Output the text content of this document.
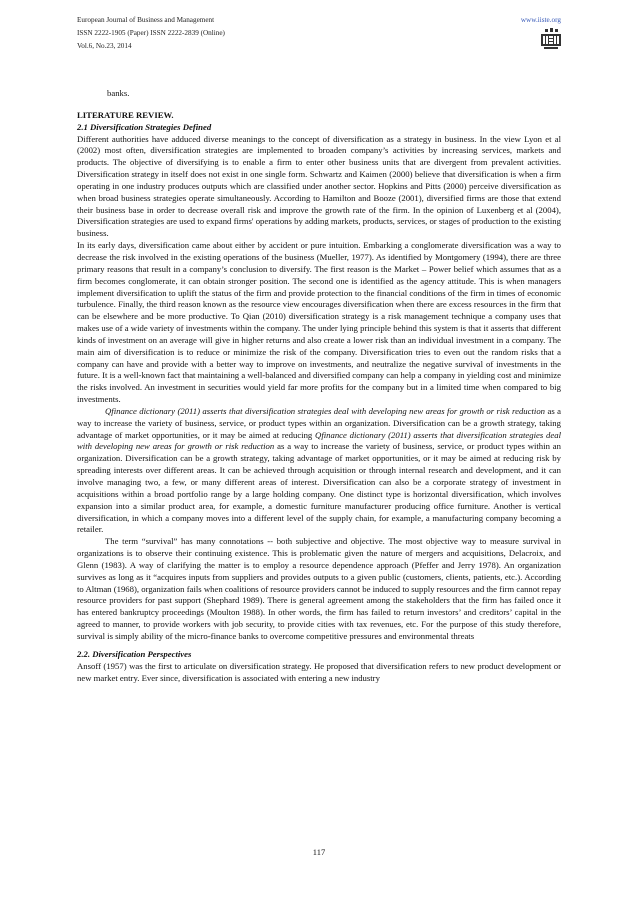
European Journal of Business and Management
ISSN 2222-1905 (Paper) ISSN 2222-2839 (Online)
Vol.6, No.23, 2014
www.iiste.org

banks.

LITERATURE REVIEW.

2.1 Diversification Strategies Defined

Different authorities have adduced diverse meanings to the concept of diversification as a strategy in business. In the view Lyon et al (2002) most often, diversification strategies are implemented to broaden company’s activities by increasing services, markets and products. The objective of diversifying is to enable a firm to enter other business units that are divergent from prevalent activities. Diversification strategy in itself does not exist in one single form. Schwartz and Kaimen (2000) believe that diversification is when a firm operating in one industry produces outputs which are classified under another sector. Hopkins and Pitts (2000) perceive diversification as when broad business strategies operate simultaneously. According to Hamilton and Booze (2001), diversified firms are those that extend their business base in order to decrease overall risk and improve the growth rate of the firm. In the opinion of Luxenberg et al (2004), Diversification strategies are used to expand firms' operations by adding markets, products, services, or stages of production to the existing business.

In its early days, diversification came about either by accident or pure intuition. Embarking a conglomerate diversification was a way to decrease the risk involved in the existing operations of the business (Mueller, 1977). As identified by Montgomery (1994), there are three primary reasons that result in a company’s conclusion to diversify. The first reason is the Market – Power belief which assumes that as a firm becomes conglomerate, it can obtain stronger position. The second one is identified as the agency attitude. This is when managers implement diversification to uplift the status of the firm and provide protection to the financial conditions of the firm in times of economic turbulence. Finally, the third reason known as the resource view encourages diversification when there are excess resources in the firm that can be elsewhere and be more productive. To Qian (2010) diversification strategy is a risk management technique a company uses that makes use of a wide variety of investments within the company. The under lying principle behind this system is that it asserts that different kinds of investment on an average will give in higher returns and also create a lower risk than an individual investment in a company. The main aim of diversification is to reduce or minimize the risk of the company. Diversification tries to even out the random risks that a company can have and provide with a better way to improve on investments, and neutralize the negative survival of investments in the future. It is a well-known fact that maintaining a well-balanced and diversified company can help a company in yielding cost and minimize the risks involved. An investment in securities would yield far more profits for the company but in a limited time when compared to big investments.

Qfinance dictionary (2011) asserts that diversification strategies deal with developing new areas for growth or risk reduction as a way to increase the variety of business, service, or product types within an organization. Diversification can be a growth strategy, taking advantage of market opportunities, or it may be aimed at reducing Qfinance dictionary (2011) asserts that diversification strategies deal with developing new areas for growth or risk reduction as a way to increase the variety of business, service, or product types within an organization. Diversification can be a growth strategy, taking advantage of market opportunities, or it may be aimed at reducing risk by spreading interests over different areas. It can be achieved through acquisition or through internal research and development, and it can involve managing two, a few, or many different areas of interest. Diversification can also be a corporate strategy of investment in acquisitions within a broad portfolio range by a large holding company. One distinct type is horizontal diversification, which involves expansion into a similar product area, for example, a domestic furniture manufacturer producing office furniture. Another is vertical diversification, in which a company moves into a different level of the supply chain, for example, a manufacturing company becoming a retailer.

The term “survival” has many connotations -- both subjective and objective. The most objective way to measure survival in organizations is to observe their continuing existence. This is problematic given the nature of mergers and acquisitions, Delacroix, and Glenn (1983). A way of clarifying the matter is to employ a resource dependence approach (Pfeffer and Jerry 1978). An organization survives as long as it “acquires inputs from suppliers and provides outputs to a given public (customers, clients, patients, etc.). According to Altman (1968), organization fails when coalitions of resource providers cannot be induced to supply resources and the firm cannot repay resource providers for past support (Shephard 1989). There is general agreement among the stakeholders that the firm has failed once it has entered bankruptcy proceedings (Moulton 1988). In other words, the firm has failed to return investors’ and creditors’ capital in the agreed to manner, to provide workers with job security, to provide cities with tax revenues, etc. For the purpose of this study therefore, survival is simply ability of the micro-finance banks to overcome competitive pressures and environmental threats

2.2. Diversification Perspectives

Ansoff (1957) was the first to articulate on diversification strategy. He proposed that diversification refers to new product development or new market entry. Ever since, diversification is associated with entering a new industry

117
